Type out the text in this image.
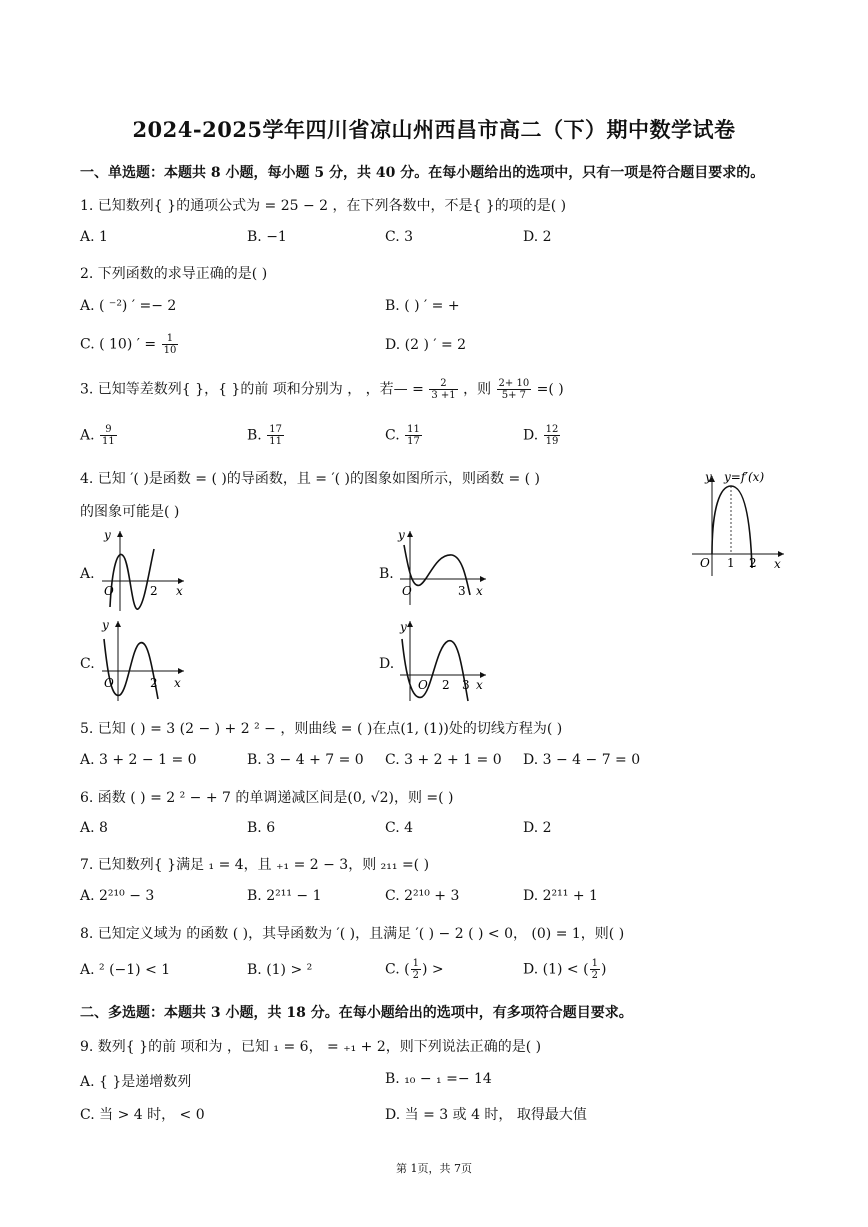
2024-2025学年四川省凉山州西昌市高二（下）期中数学试卷
一、单选题：本题共 8 小题，每小题 5 分，共 40 分。在每小题给出的选项中，只有一项是符合题目要求的。
1. 已知数列{ }的通项公式为 = 25 − 2 ，在下列各数中，不是{ }的项的是( )
A. 1	B. −1	C. 3	D. 2
2. 下列函数的求导正确的是( )
A. ( ⁻²) ′ =− 2	B. ( ) ′ = +
C. ( 10) ′ = $\frac{1}{10}$	D. (2 ) ′ = 2
3. 已知等差数列{ }，{ }的前 项和分别为 ， ，若— = $\frac{2}{3 +1}$ ，则 $\frac{2+ 10}{5+ 7}$ =( )
A. $\frac{9}{11}$	B. $\frac{17}{11}$	C. $\frac{11}{17}$	D. $\frac{12}{19}$
4. 已知 ′( )是函数 = ( )的导函数，且 = ′( )的图象如图所示，则函数 = ( )
的图象可能是( )
y y=f′(x)
O 1 2 x
A.
y
O	2 x
B.
y
O	3 x
C.
y
O	2 x
D.
y
O 2 3 x
5. 已知 ( ) = 3 (2 − ) + 2 ² − ，则曲线 = ( )在点(1, (1))处的切线方程为( )
A. 3 + 2 − 1 = 0	B. 3 − 4 + 7 = 0 C. 3 + 2 + 1 = 0 D. 3 − 4 − 7 = 0
6. 函数 ( ) = 2 ² − + 7 的单调递减区间是(0, √2)，则 =( )
A. 8	B. 6	C. 4	D. 2
7. 已知数列{ }满足 ₁ = 4，且 ₊₁ = 2 − 3，则 ₂₁₁ =( )
A. 2²¹⁰ − 3	B. 2²¹¹ − 1	C. 2²¹⁰ + 3	D. 2²¹¹ + 1
8. 已知定义域为 的函数 ( )，其导函数为 ′( )，且满足 ′( ) − 2 ( ) < 0， (0) = 1，则( )
A. ² (−1) < 1	B. (1) > ²	C. ( $\frac{1}{2}$ ) >	D. (1) < ( $\frac{1}{2}$ )
二、多选题：本题共 3 小题，共 18 分。在每小题给出的选项中，有多项符合题目要求。
9. 数列{ }的前 项和为 ，已知 ₁ = 6， = ₊₁ + 2，则下列说法正确的是( )
A. { }是递增数列	B. ₁₀ − ₁ =− 14
C. 当 > 4 时， < 0	D. 当 = 3 或 4 时， 取得最大值
第 1页，共 7页
